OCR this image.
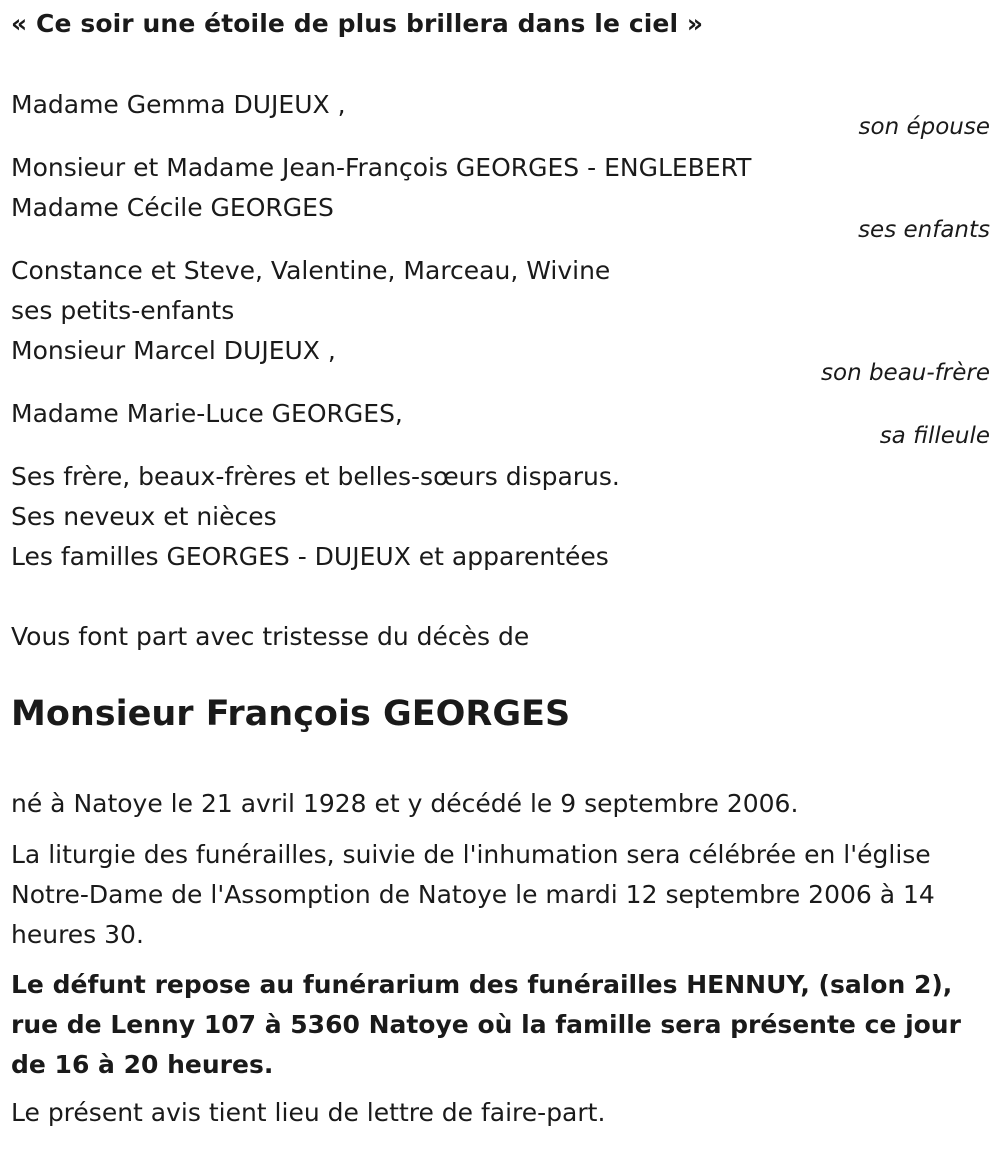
« Ce soir une étoile de plus brillera dans le ciel »
Madame Gemma DUJEUX ,
son épouse
Monsieur et Madame Jean-François GEORGES - ENGLEBERT
Madame Cécile GEORGES
ses enfants
Constance et Steve, Valentine, Marceau, Wivine
ses petits-enfants
Monsieur Marcel DUJEUX ,
son beau-frère
Madame Marie-Luce GEORGES,
sa filleule
Ses frère, beaux-frères et belles-sœurs disparus.
Ses neveux et nièces
Les familles GEORGES - DUJEUX et apparentées
Vous font part avec tristesse du décès de
Monsieur François GEORGES
né à Natoye le 21 avril 1928 et y décédé le 9 septembre 2006.
La liturgie des funérailles, suivie de l'inhumation sera célébrée en l'église Notre-Dame de l'Assomption de Natoye le mardi 12 septembre 2006 à 14 heures 30.
Le défunt repose au funérarium des funérailles HENNUY, (salon 2), rue de Lenny 107 à 5360 Natoye où la famille sera présente ce jour de 16 à 20 heures.
Le présent avis tient lieu de lettre de faire-part.
